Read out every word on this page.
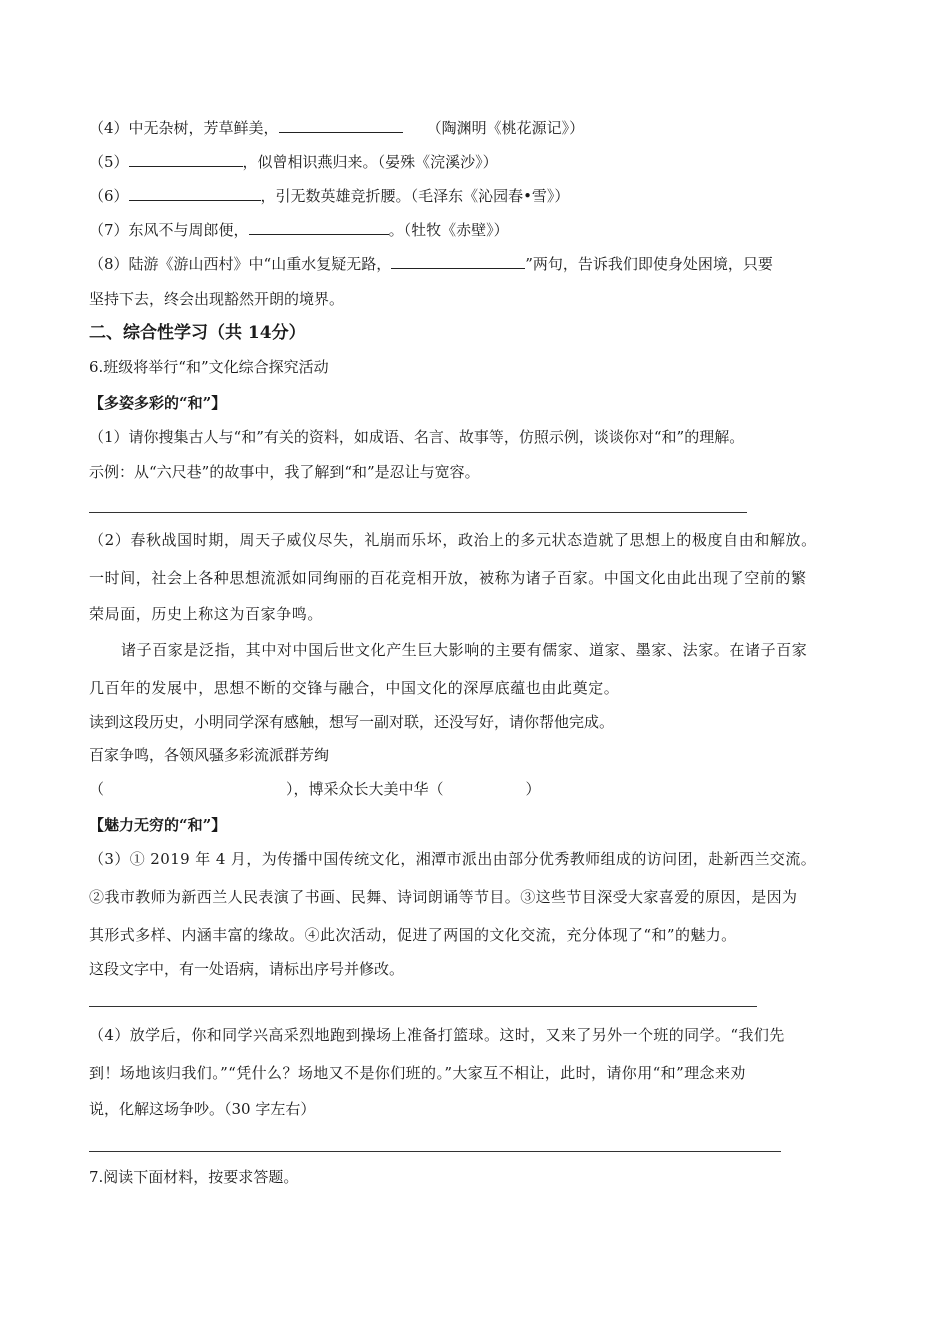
（4）中无杂树，芳草鲜美，	（陶渊明《桃花源记》）
（5）	，似曾相识燕归来。（晏殊《浣溪沙》）
（6）	，引无数英雄竞折腰。（毛泽东《沁园春•雪》）
（7）东风不与周郎便，	。（牡牧《赤壁》）
（8）陆游《游山西村》中“山重水复疑无路，	”两句，告诉我们即使身处困境，只要
坚持下去，终会出现豁然开朗的境界。
二、综合性学习（共 14分）
6.班级将举行“和”文化综合探究活动
【多姿多彩的“和”】
（1）请你搜集古人与“和”有关的资料，如成语、名言、故事等，仿照示例，谈谈你对“和”的理解。
示例：从“六尺巷”的故事中，我了解到“和”是忍让与宽容。
（2）春秋战国时期，周天子威仪尽失，礼崩而乐坏，政治上的多元状态造就了思想上的极度自由和解放。
一时间，社会上各种思想流派如同绚丽的百花竞相开放，被称为诸子百家。中国文化由此出现了空前的繁
荣局面，历史上称这为百家争鸣。
诸子百家是泛指，其中对中国后世文化产生巨大影响的主要有儒家、道家、墨家、法家。在诸子百家
几百年的发展中，思想不断的交锋与融合，中国文化的深厚底蕴也由此奠定。
读到这段历史，小明同学深有感触，想写一副对联，还没写好，请你帮他完成。
百家争鸣，各领风骚多彩流派群芳绚
（	），博采众长大美中华（	）
【魅力无穷的“和”】
（3）① 2019 年 4 月，为传播中国传统文化，湘潭市派出由部分优秀教师组成的访问团，赴新西兰交流。
②我市教师为新西兰人民表演了书画、民舞、诗词朗诵等节目。③这些节目深受大家喜爱的原因，是因为
其形式多样、内涵丰富的缘故。④此次活动，促进了两国的文化交流，充分体现了“和”的魅力。
这段文字中，有一处语病，请标出序号并修改。
（4）放学后，你和同学兴高采烈地跑到操场上准备打篮球。这时，又来了另外一个班的同学。“我们先
到！场地该归我们。”“凭什么？场地又不是你们班的。”大家互不相让，此时，请你用“和”理念来劝
说，化解这场争吵。（30 字左右）
7.阅读下面材料，按要求答题。
